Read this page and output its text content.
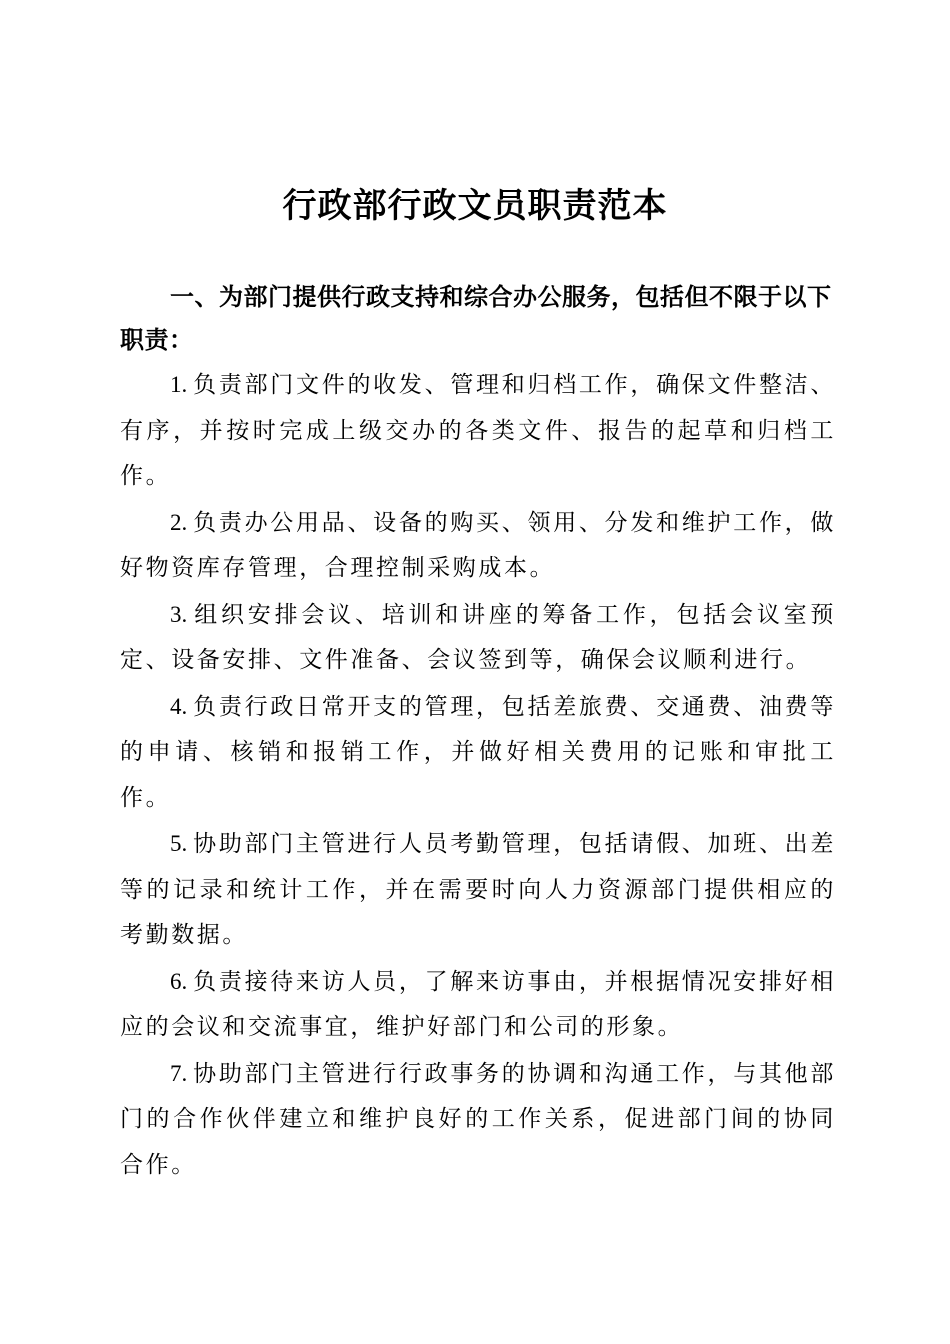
行政部行政文员职责范本

一、为部门提供行政支持和综合办公服务，包括但不限于以下职责：

1. 负责部门文件的收发、管理和归档工作，确保文件整洁、有序，并按时完成上级交办的各类文件、报告的起草和归档工作。

2. 负责办公用品、设备的购买、领用、分发和维护工作，做好物资库存管理，合理控制采购成本。

3. 组织安排会议、培训和讲座的筹备工作，包括会议室预定、设备安排、文件准备、会议签到等，确保会议顺利进行。

4. 负责行政日常开支的管理，包括差旅费、交通费、油费等的申请、核销和报销工作，并做好相关费用的记账和审批工作。

5. 协助部门主管进行人员考勤管理，包括请假、加班、出差等的记录和统计工作，并在需要时向人力资源部门提供相应的考勤数据。

6. 负责接待来访人员，了解来访事由，并根据情况安排好相应的会议和交流事宜，维护好部门和公司的形象。

7. 协助部门主管进行行政事务的协调和沟通工作，与其他部门的合作伙伴建立和维护良好的工作关系，促进部门间的协同合作。
